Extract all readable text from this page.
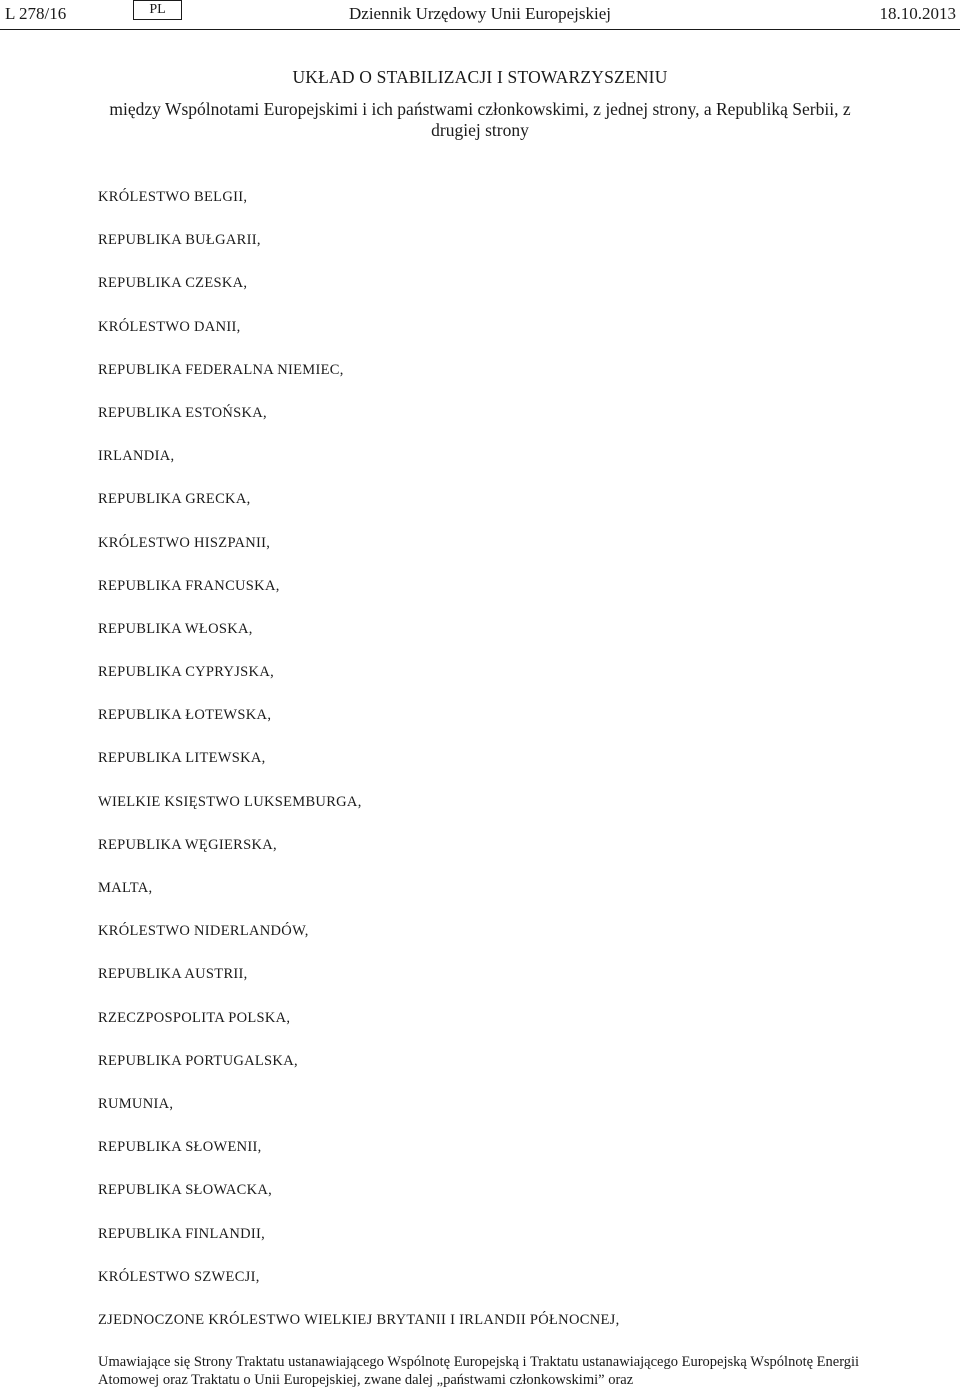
L 278/16	PL	Dziennik Urzędowy Unii Europejskiej	18.10.2013
UKŁAD O STABILIZACJI I STOWARZYSZENIU
między Wspólnotami Europejskimi i ich państwami członkowskimi, z jednej strony, a Republiką Serbii, z drugiej strony
KRÓLESTWO BELGII,
REPUBLIKA BUŁGARII,
REPUBLIKA CZESKA,
KRÓLESTWO DANII,
REPUBLIKA FEDERALNA NIEMIEC,
REPUBLIKA ESTOŃSKA,
IRLANDIA,
REPUBLIKA GRECKA,
KRÓLESTWO HISZPANII,
REPUBLIKA FRANCUSKA,
REPUBLIKA WŁOSKA,
REPUBLIKA CYPRYJSKA,
REPUBLIKA ŁOTEWSKA,
REPUBLIKA LITEWSKA,
WIELKIE KSIĘSTWO LUKSEMBURGA,
REPUBLIKA WĘGIERSKA,
MALTA,
KRÓLESTWO NIDERLANDÓW,
REPUBLIKA AUSTRII,
RZECZPOSPOLITA POLSKA,
REPUBLIKA PORTUGALSKA,
RUMUNIA,
REPUBLIKA SŁOWENII,
REPUBLIKA SŁOWACKA,
REPUBLIKA FINLANDII,
KRÓLESTWO SZWECJI,
ZJEDNOCZONE KRÓLESTWO WIELKIEJ BRYTANII I IRLANDII PÓŁNOCNEJ,
Umawiające się Strony Traktatu ustanawiającego Wspólnotę Europejską i Traktatu ustanawiającego Europejską Wspólnotę Energii Atomowej oraz Traktatu o Unii Europejskiej, zwane dalej „państwami członkowskimi” oraz
